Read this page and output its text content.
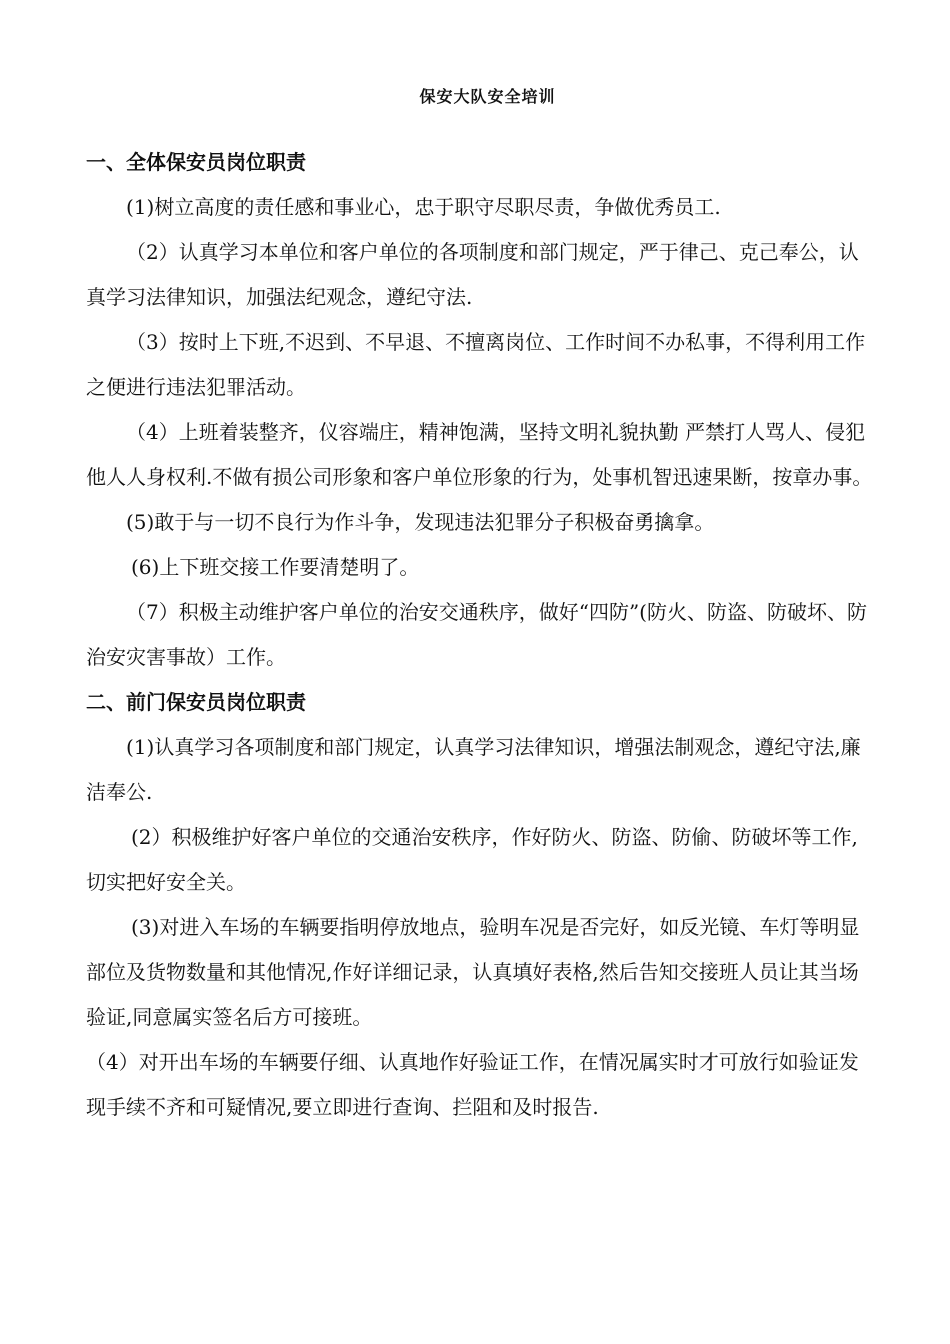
保安大队安全培训
一、全体保安员岗位职责

(1)树立高度的责任感和事业心，忠于职守尽职尽责，争做优秀员工.

（2）认真学习本单位和客户单位的各项制度和部门规定，严于律己、克己奉公，认真学习法律知识，加强法纪观念，遵纪守法.

（3）按时上下班,不迟到、不早退、不擅离岗位、工作时间不办私事，不得利用工作之便进行违法犯罪活动。

（4）上班着装整齐，仪容端庄，精神饱满，坚持文明礼貌执勤 严禁打人骂人、侵犯他人人身权利.不做有损公司形象和客户单位形象的行为，处事机智迅速果断，按章办事。

(5)敢于与一切不良行为作斗争，发现违法犯罪分子积极奋勇擒拿。

(6)上下班交接工作要清楚明了。

（7）积极主动维护客户单位的治安交通秩序，做好“四防”(防火、防盗、防破坏、防治安灾害事故）工作。

二、前门保安员岗位职责

(1)认真学习各项制度和部门规定，认真学习法律知识，增强法制观念，遵纪守法,廉洁奉公.

(2）积极维护好客户单位的交通治安秩序，作好防火、防盗、防偷、防破坏等工作,切实把好安全关。

(3)对进入车场的车辆要指明停放地点，验明车况是否完好，如反光镜、车灯等明显部位及货物数量和其他情况,作好详细记录，认真填好表格,然后告知交接班人员让其当场验证,同意属实签名后方可接班。

（4）对开出车场的车辆要仔细、认真地作好验证工作，在情况属实时才可放行如验证发现手续不齐和可疑情况,要立即进行查询、拦阻和及时报告.
